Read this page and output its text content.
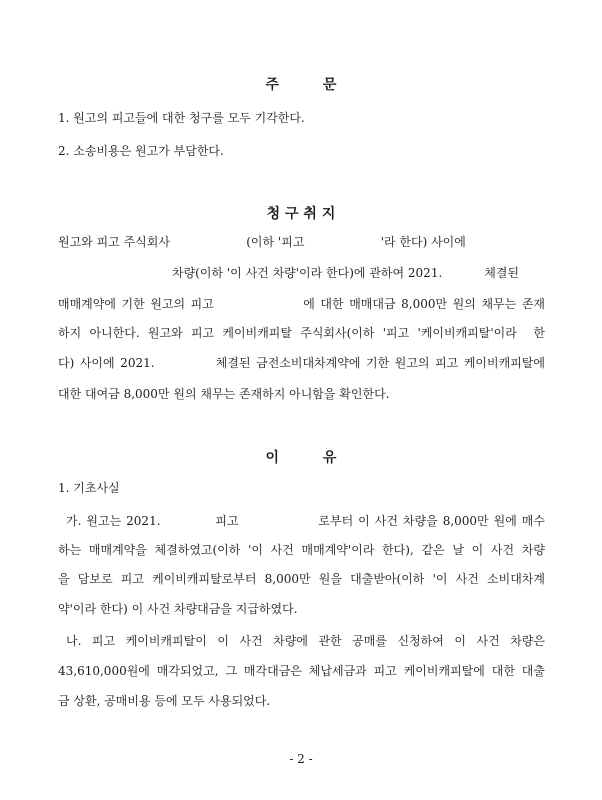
주         문
1. 원고의 피고들에 대한 청구를 모두 기각한다.
2. 소송비용은 원고가 부담한다.
청 구 취 지
원고와 피고 주식회사                    (이하 '피고                    '라 한다) 사이에
차량(이하 '이 사건 차량'이라 한다)에 관하여 2021.           체결된
매매계약에 기한 원고의 피고                에 대한 매매대금 8,000만 원의 채무는 존재
하지 아니한다. 원고와 피고 케이비캐피탈 주식회사(이하 '피고 '케이비캐피탈'이라  한
다) 사이에 2021.           체결된 금전소비대차계약에 기한 원고의 피고 케이비캐피탈에
대한 대여금 8,000만 원의 채무는 존재하지 아니함을 확인한다.
이         유
1. 기초사실
가. 원고는 2021.           피고                로부터 이 사건 차량을 8,000만 원에 매수
하는 매매계약을 체결하였고(이하 '이 사건 매매계약'이라 한다), 같은 날 이 사건 차량
을 담보로 피고 케이비캐피탈로부터 8,000만 원을 대출받아(이하 '이 사건 소비대차계
약'이라 한다) 이 사건 차량대금을 지급하였다.
나. 피고 케이비캐피탈이 이 사건 차량에 관한 공매를 신청하여 이 사건 차량은
43,610,000원에 매각되었고, 그 매각대금은 체납세금과 피고 케이비캐피탈에 대한 대출
금 상환, 공매비용 등에 모두 사용되었다.
- 2 -
